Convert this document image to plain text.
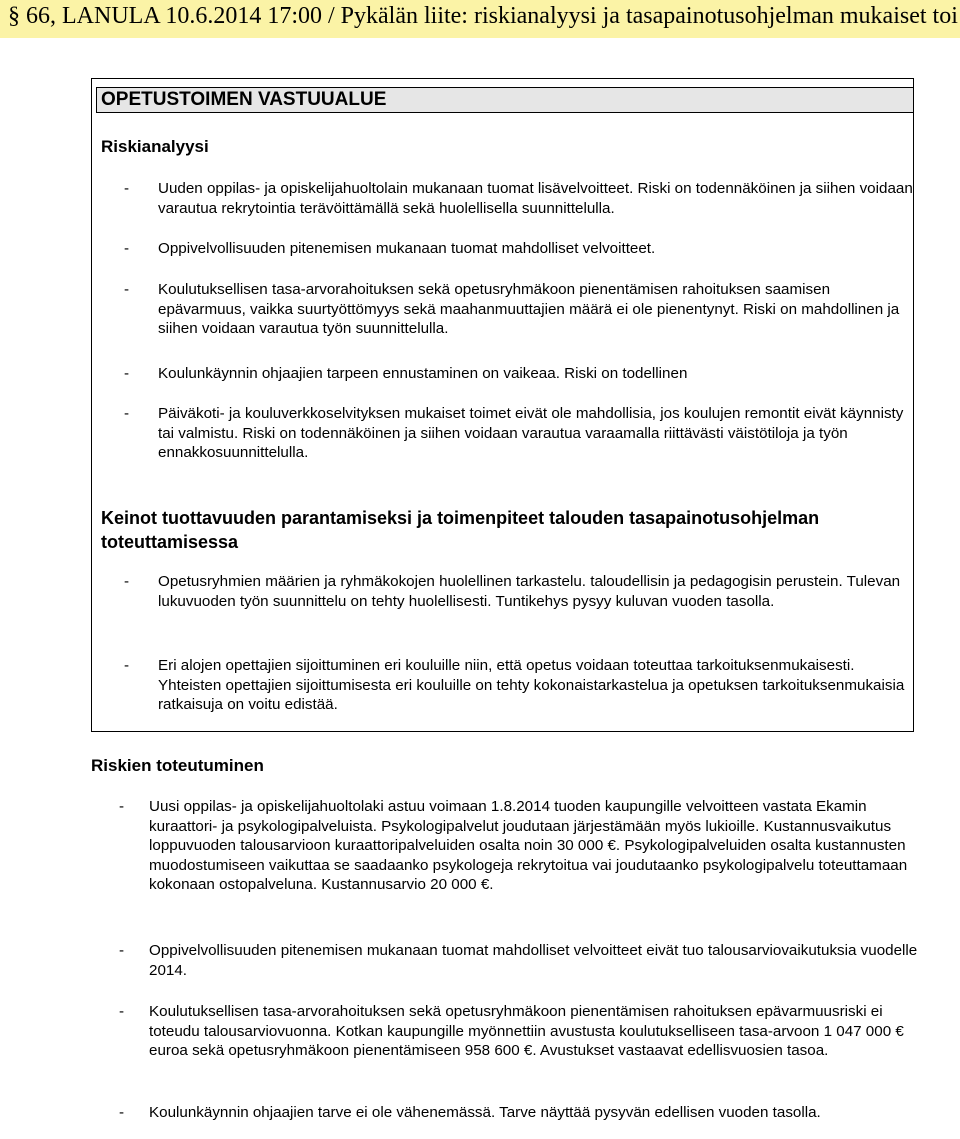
§ 66, LANULA 10.6.2014 17:00 / Pykälän liite: riskianalyysi ja tasapainotusohjelman mukaiset toi
OPETUSTOIMEN VASTUUALUE
Riskianalyysi
- Uuden oppilas- ja opiskelijahuoltolain mukanaan tuomat lisävelvoitteet. Riski on todennäköinen ja siihen voidaan varautua rekrytointia terävöittämällä sekä huolellisella suunnittelulla.
- Oppivelvollisuuden pitenemisen mukanaan tuomat mahdolliset velvoitteet.
- Koulutuksellisen tasa-arvorahoituksen sekä opetusryhmäkoon pienentämisen rahoituksen saamisen epävarmuus, vaikka suurtyöttömyys sekä maahanmuuttajien määrä ei ole pienentynyt. Riski on mahdollinen ja siihen voidaan varautua työn suunnittelulla.
- Koulunkäynnin ohjaajien tarpeen ennustaminen on vaikeaa. Riski on todellinen
- Päiväkoti- ja kouluverkkoselvityksen mukaiset toimet eivät ole mahdollisia, jos koulujen remontit eivät käynnisty tai valmistu. Riski on todennäköinen ja siihen voidaan varautua varaamalla riittävästi väistötiloja ja työn ennakkosuunnittelulla.
Keinot tuottavuuden parantamiseksi ja toimenpiteet talouden tasapainotusohjelman toteuttamisessa
- Opetusryhmien määrien ja ryhmäkokojen huolellinen tarkastelu. taloudellisin ja pedagogisin perustein. Tulevan lukuvuoden työn suunnittelu on tehty huolellisesti. Tuntikehys pysyy kuluvan vuoden tasolla.
- Eri alojen opettajien sijoittuminen eri kouluille niin, että opetus voidaan toteuttaa tarkoituksenmukaisesti. Yhteisten opettajien sijoittumisesta eri kouluille on tehty kokonaistarkastelua ja opetuksen tarkoituksenmukaisia ratkaisuja on voitu edistää.
Riskien toteutuminen
- Uusi oppilas- ja opiskelijahuoltolaki astuu voimaan 1.8.2014 tuoden kaupungille velvoitteen vastata Ekamin kuraattori- ja psykologipalveluista. Psykologipalvelut joudutaan järjestämään myös lukioille. Kustannusvaikutus loppuvuoden talousarvioon kuraattoripalveluiden osalta noin 30 000 €. Psykologipalveluiden osalta kustannusten muodostumiseen vaikuttaa se saadaanko psykologeja rekrytoitua vai joudutaanko psykologipalvelu toteuttamaan kokonaan ostopalveluna. Kustannusarvio 20 000 €.
- Oppivelvollisuuden pitenemisen mukanaan tuomat mahdolliset velvoitteet eivät tuo talousarviovaikutuksia vuodelle 2014.
- Koulutuksellisen tasa-arvorahoituksen sekä opetusryhmäkoon pienentämisen rahoituksen epävarmuusriski ei toteudu talousarviovuonna. Kotkan kaupungille myönnettiin avustusta koulutukselliseen tasa-arvoon 1 047 000 € euroa sekä opetusryhmäkoon pienentämiseen 958 600 €. Avustukset vastaavat edellisvuosien tasoa.
- Koulunkäynnin ohjaajien tarve ei ole vähenemässä. Tarve näyttää pysyvän edellisen vuoden tasolla.
